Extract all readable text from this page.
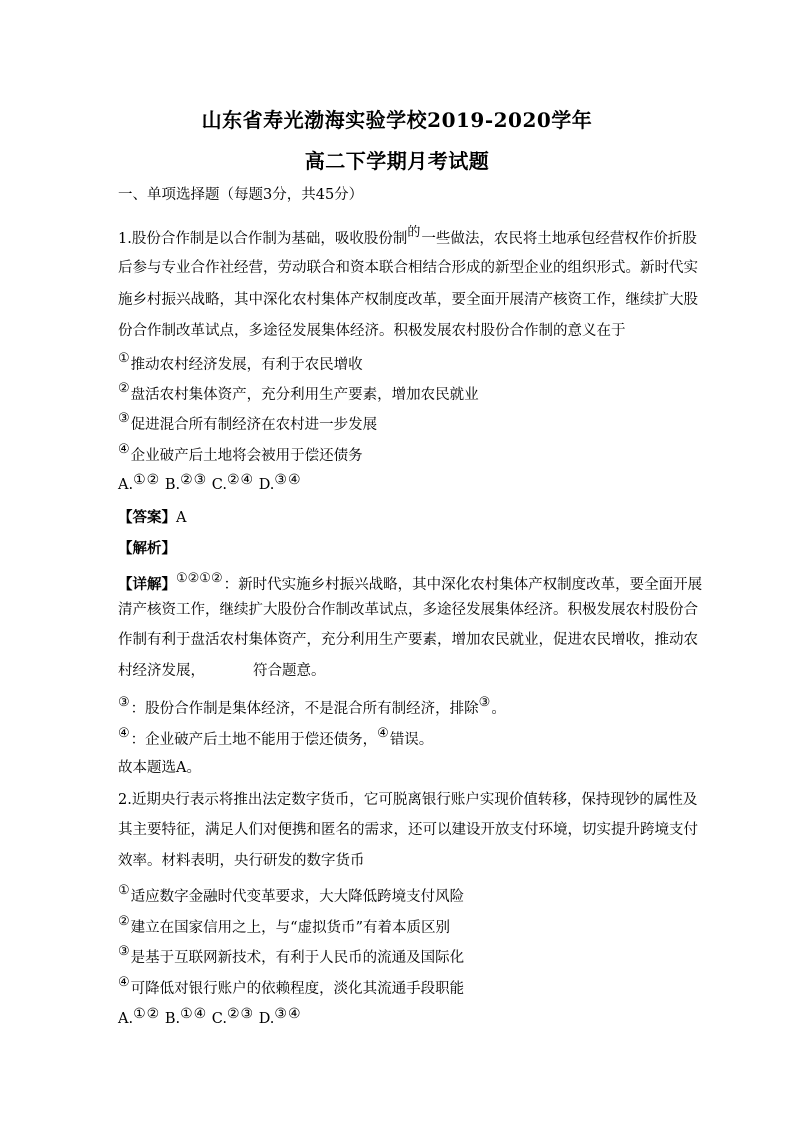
山东省寿光渤海实验学校2019-2020学年
高二下学期月考试题
一、单项选择题（每题3分，共45分）
1.股份合作制是以合作制为基础，吸收股份制的一些做法，农民将土地承包经营权作价折股
后参与专业合作社经营，劳动联合和资本联合相结合形成的新型企业的组织形式。新时代实
施乡村振兴战略，其中深化农村集体产权制度改革，要全面开展清产核资工作，继续扩大股
份合作制改革试点，多途径发展集体经济。积极发展农村股份合作制的意义在于
①推动农村经济发展，有利于农民增收
②盘活农村集体资产，充分利用生产要素，增加农民就业
③促进混合所有制经济在农村进一步发展
④企业破产后土地将会被用于偿还债务
A.①② B.②③ C.②④ D.③④
【答案】A
【解析】
【详解】①②①②：新时代实施乡村振兴战略，其中深化农村集体产权制度改革，要全面开展
清产核资工作，继续扩大股份合作制改革试点，多途径发展集体经济。积极发展农村股份合
作制有利于盘活农村集体资产，充分利用生产要素，增加农民就业，促进农民增收，推动农
村经济发展，	符合题意。
③：股份合作制是集体经济，不是混合所有制经济，排除③。
④：企业破产后土地不能用于偿还债务，④错误。
故本题选A。
2.近期央行表示将推出法定数字货币，它可脱离银行账户实现价值转移，保持现钞的属性及
其主要特征，满足人们对便携和匿名的需求，还可以建设开放支付环境，切实提升跨境支付
效率。材料表明，央行研发的数字货币
①适应数字金融时代变革要求，大大降低跨境支付风险
②建立在国家信用之上，与“虚拟货币”有着本质区别
③是基于互联网新技术，有利于人民币的流通及国际化
④可降低对银行账户的依赖程度，淡化其流通手段职能
A.①② B.①④ C.②③ D.③④
